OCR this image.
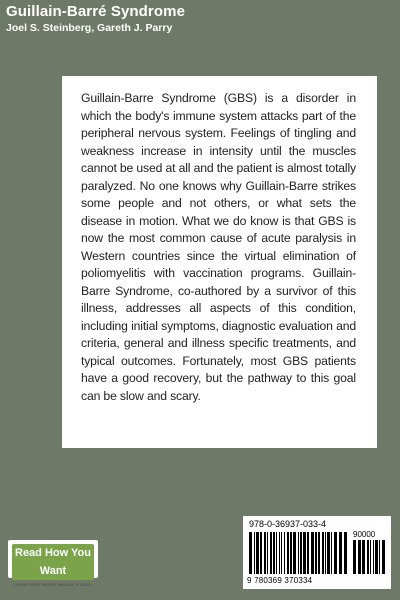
Guillain-Barré Syndrome
Joel S. Steinberg, Gareth J. Parry
Guillain-Barre Syndrome (GBS) is a disorder in which the body's immune system attacks part of the peripheral nervous system. Feelings of tingling and weakness increase in intensity until the muscles cannot be used at all and the patient is almost totally paralyzed. No one knows why Guillain-Barre strikes some people and not others, or what sets the disease in motion. What we do know is that GBS is now the most common cause of acute paralysis in Western countries since the virtual elimination of poliomyelitis with vaccination programs. Guillain-Barre Syndrome, co-authored by a survivor of this illness, addresses all aspects of this condition, including initial symptoms, diagnostic evaluation and criteria, general and illness specific treatments, and typical outcomes. Fortunately, most GBS patients have a good recovery, but the pathway to this goal can be slow and scary.
Read How You Want
LARGE PRINT BOOKS, BRAILLE & DAISY
978-0-36937-033-4
90000
9 780369 370334
